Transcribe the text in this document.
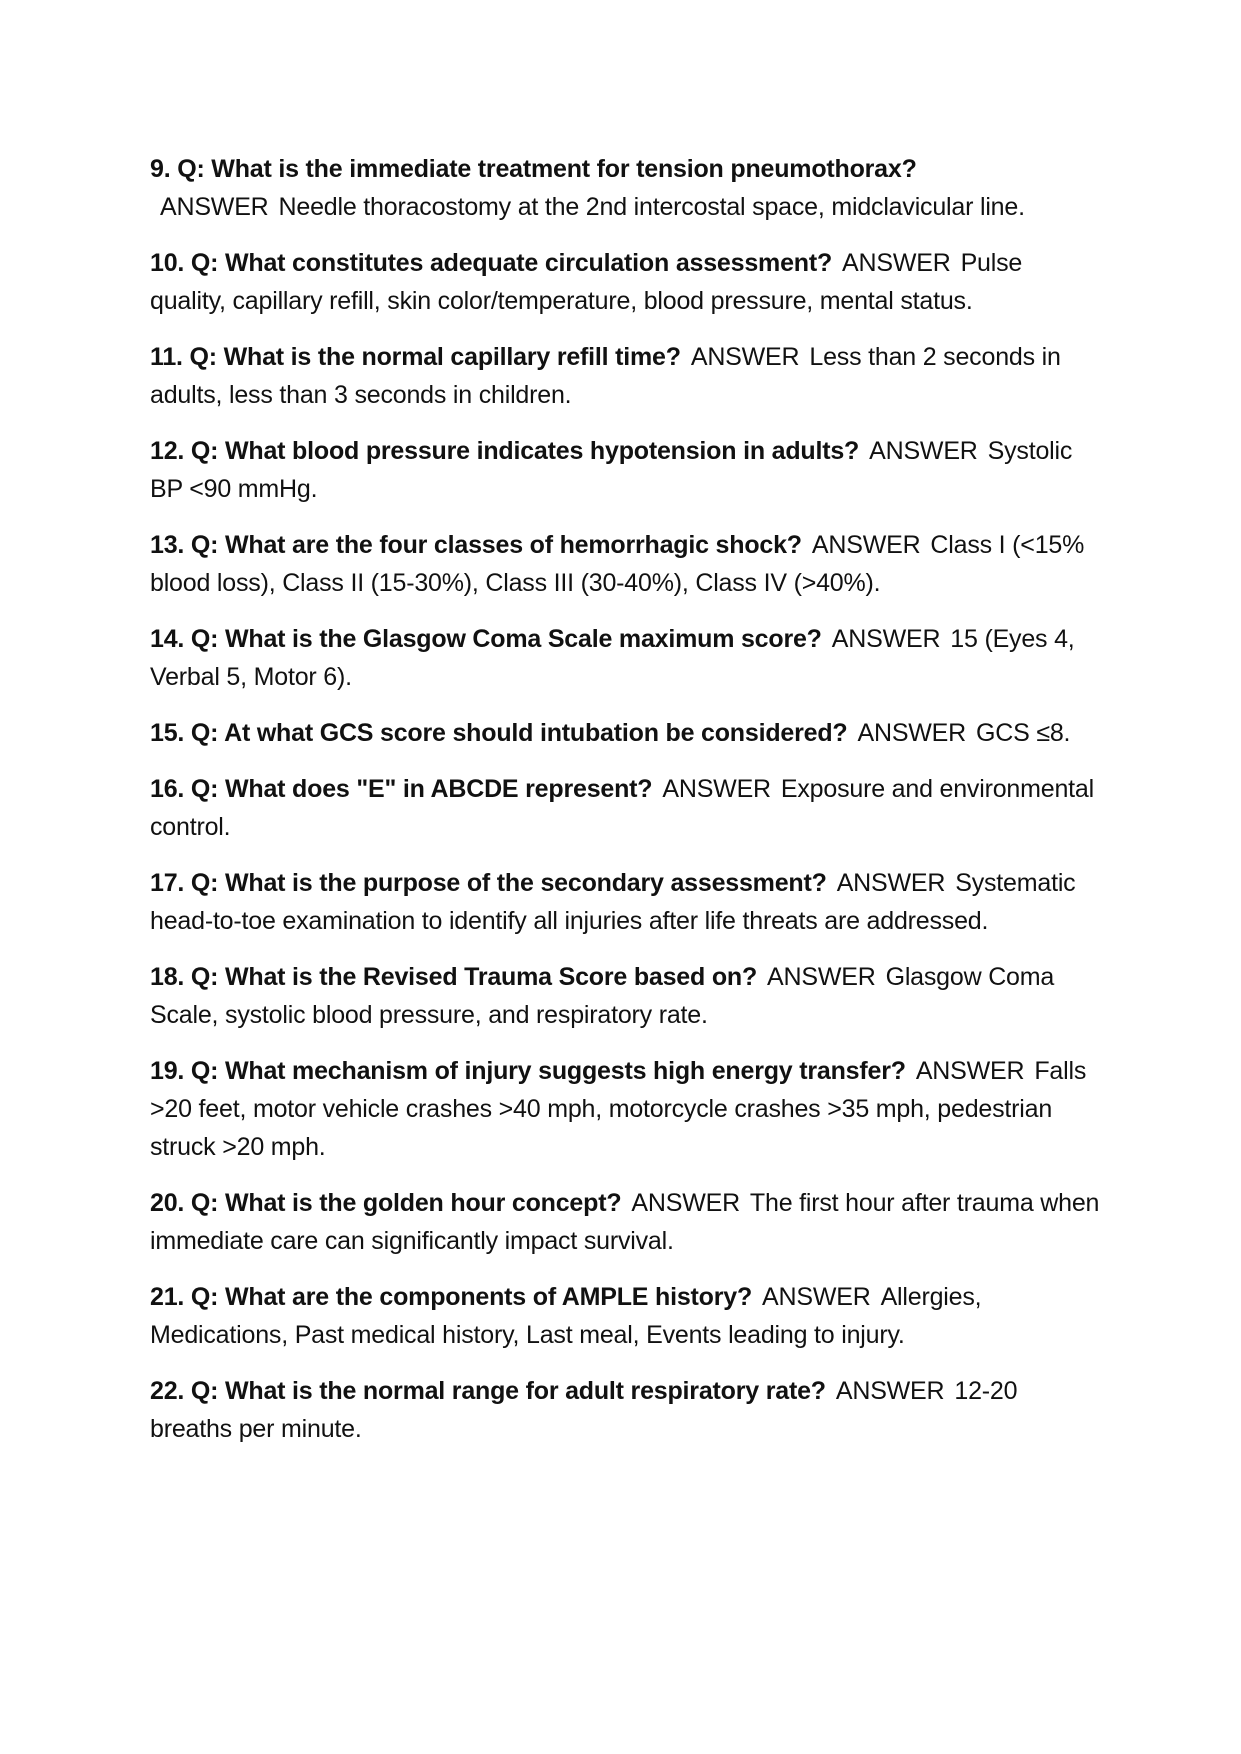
9. Q: What is the immediate treatment for tension pneumothorax?ANSWER Needle thoracostomy at the 2nd intercostal space, midclavicular line.

10. Q: What constitutes adequate circulation assessment? ANSWER Pulse quality, capillary refill, skin color/temperature, blood pressure, mental status.

11. Q: What is the normal capillary refill time? ANSWER Less than 2 seconds in adults, less than 3 seconds in children.

12. Q: What blood pressure indicates hypotension in adults? ANSWER Systolic BP <90 mmHg.

13. Q: What are the four classes of hemorrhagic shock? ANSWER Class I (<15% blood loss), Class II (15-30%), Class III (30-40%), Class IV (>40%).

14. Q: What is the Glasgow Coma Scale maximum score? ANSWER 15 (Eyes 4, Verbal 5, Motor 6).

15. Q: At what GCS score should intubation be considered? ANSWER GCS ≤8.

16. Q: What does "E" in ABCDE represent? ANSWER Exposure and environmental control.

17. Q: What is the purpose of the secondary assessment? ANSWER Systematic head-to-toe examination to identify all injuries after life threats are addressed.

18. Q: What is the Revised Trauma Score based on? ANSWER Glasgow Coma Scale, systolic blood pressure, and respiratory rate.

19. Q: What mechanism of injury suggests high energy transfer? ANSWER Falls >20 feet, motor vehicle crashes >40 mph, motorcycle crashes >35 mph, pedestrian struck >20 mph.

20. Q: What is the golden hour concept? ANSWER The first hour after trauma when immediate care can significantly impact survival.

21. Q: What are the components of AMPLE history? ANSWER Allergies, Medications, Past medical history, Last meal, Events leading to injury.

22. Q: What is the normal range for adult respiratory rate? ANSWER 12-20 breaths per minute.
